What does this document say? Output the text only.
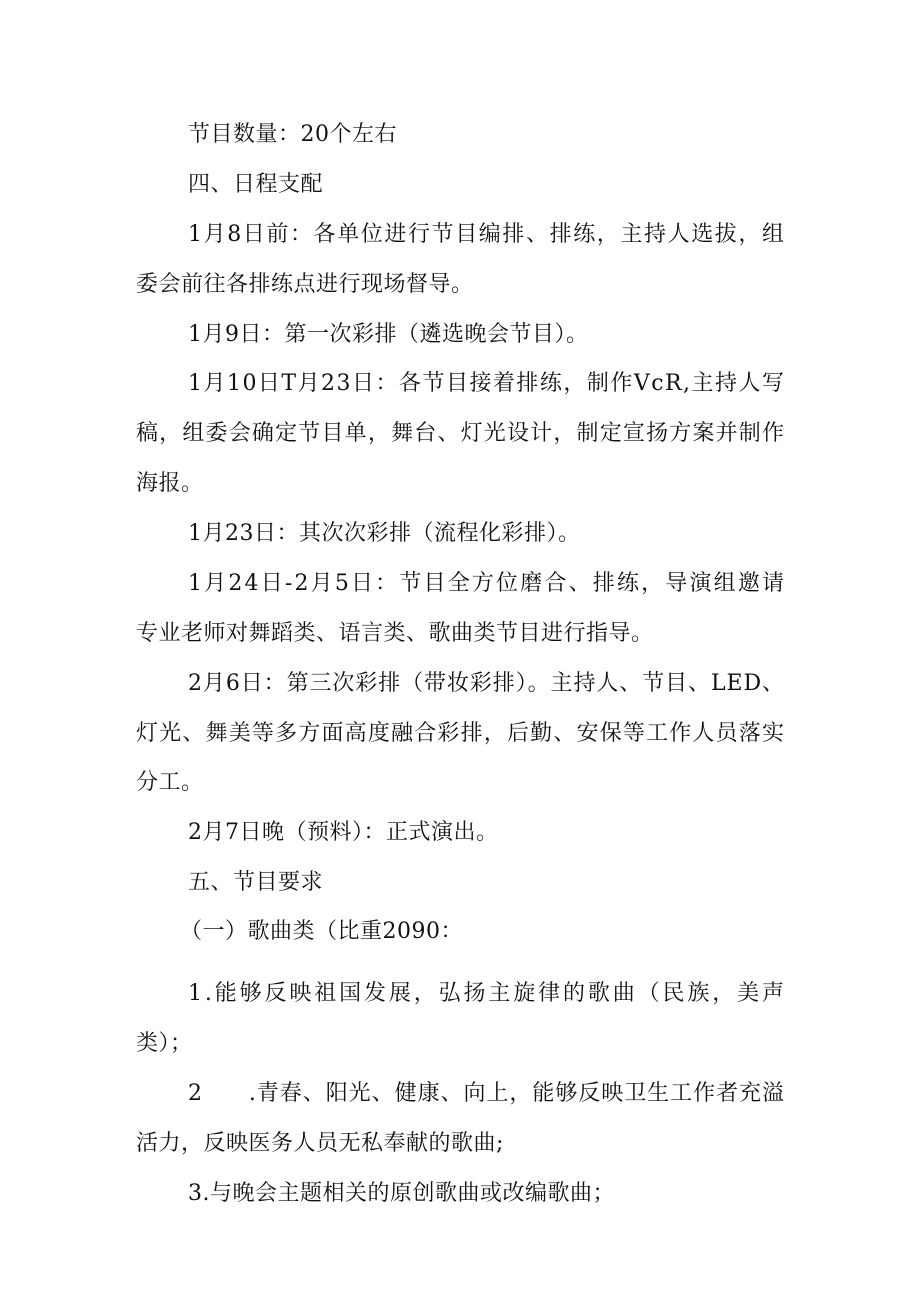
节目数量：20个左右
四、日程支配
1月8日前：各单位进行节目编排、排练，主持人选拔，组
委会前往各排练点进行现场督导。
1月9日：第一次彩排（遴选晚会节目）。
1月10日T月23日：各节目接着排练，制作VcR,主持人写
稿，组委会确定节目单，舞台、灯光设计，制定宣扬方案并制作
海报。
1月23日：其次次彩排（流程化彩排）。
1月24日-2月5日：节目全方位磨合、排练，导演组邀请
专业老师对舞蹈类、语言类、歌曲类节目进行指导。
2月6日：第三次彩排（带妆彩排）。主持人、节目、LED、
灯光、舞美等多方面高度融合彩排，后勤、安保等工作人员落实
分工。
2月7日晚（预料）：正式演出。
五、节目要求
（一）歌曲类（比重2090：
1.能够反映祖国发展，弘扬主旋律的歌曲（民族，美声
类）；
2　　.青春、阳光、健康、向上，能够反映卫生工作者充溢
活力，反映医务人员无私奉献的歌曲;
3.与晚会主题相关的原创歌曲或改编歌曲；
